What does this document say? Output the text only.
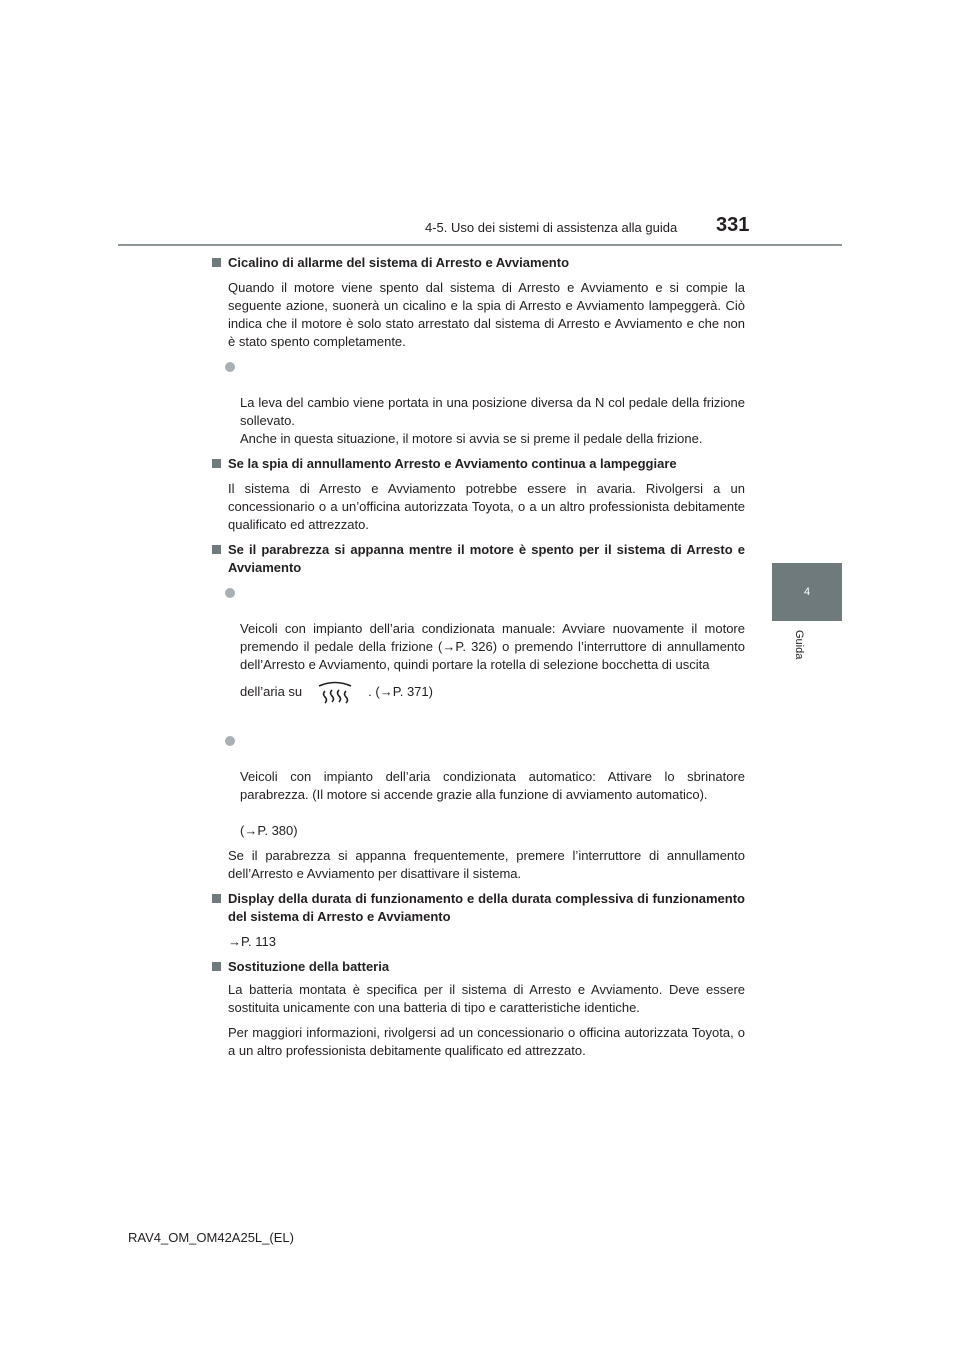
4-5. Uso dei sistemi di assistenza alla guida 331
4
Guida
Cicalino di allarme del sistema di Arresto e Avviamento
Quando il motore viene spento dal sistema di Arresto e Avviamento e si compie la seguente azione, suonerà un cicalino e la spia di Arresto e Avviamento lampeggerà. Ciò indica che il motore è solo stato arrestato dal sistema di Arresto e Avviamento e che non è stato spento completamente.

La leva del cambio viene portata in una posizione diversa da N col pedale della frizione sollevato.
Anche in questa situazione, il motore si avvia se si preme il pedale della frizione.

Se la spia di annullamento Arresto e Avviamento continua a lampeggiare
Il sistema di Arresto e Avviamento potrebbe essere in avaria. Rivolgersi a un concessionario o a un’officina autorizzata Toyota, o a un altro professionista debitamente qualificato ed attrezzato.
Se il parabrezza si appanna mentre il motore è spento per il sistema di Arresto e Avviamento

Veicoli con impianto dell’aria condizionata manuale: Avviare nuovamente il motore premendo il pedale della frizione (→P. 326) o premendo l’interruttore di annullamento dell’Arresto e Avviamento, quindi portare la rotella di selezione bocchetta di uscita

dell’aria su	. ( → P. 371 )

Veicoli con impianto dell’aria condizionata automatico: Attivare lo sbrinatore parabrezza. (Il motore si accende grazie alla funzione di avviamento automatico).

(→P. 380)

Se il parabrezza si appanna frequentemente, premere l’interruttore di annullamento dell’Arresto e Avviamento per disattivare il sistema.
Display della durata di funzionamento e della durata complessiva di funzionamento del sistema di Arresto e Avviamento
→P. 113
Sostituzione della batteria
La batteria montata è specifica per il sistema di Arresto e Avviamento. Deve essere sostituita unicamente con una batteria di tipo e caratteristiche identiche.
Per maggiori informazioni, rivolgersi ad un concessionario o officina autorizzata Toyota, o a un altro professionista debitamente qualificato ed attrezzato.
RAV4_OM_OM42A25L_(EL)
